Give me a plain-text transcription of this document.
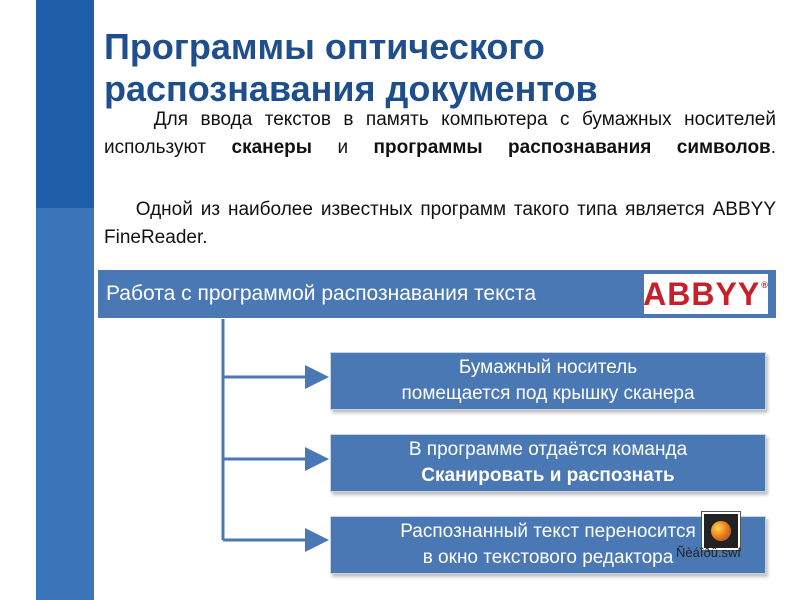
Программы оптического
распознавания документов
Для ввода текстов в память компьютера с бумажных носителей используют сканеры и программы распознавания символов.
Одной из наиболее известных программ такого типа является ABBYY FineReader.
Работа с программой распознавания текста	ABBYY®
Бумажный носитель
помещается под крышку сканера
В программе отдаётся команда
Сканировать и распознать
Распознанный текст переносится
в окно текстового редактора Ñèáîðû.swf
